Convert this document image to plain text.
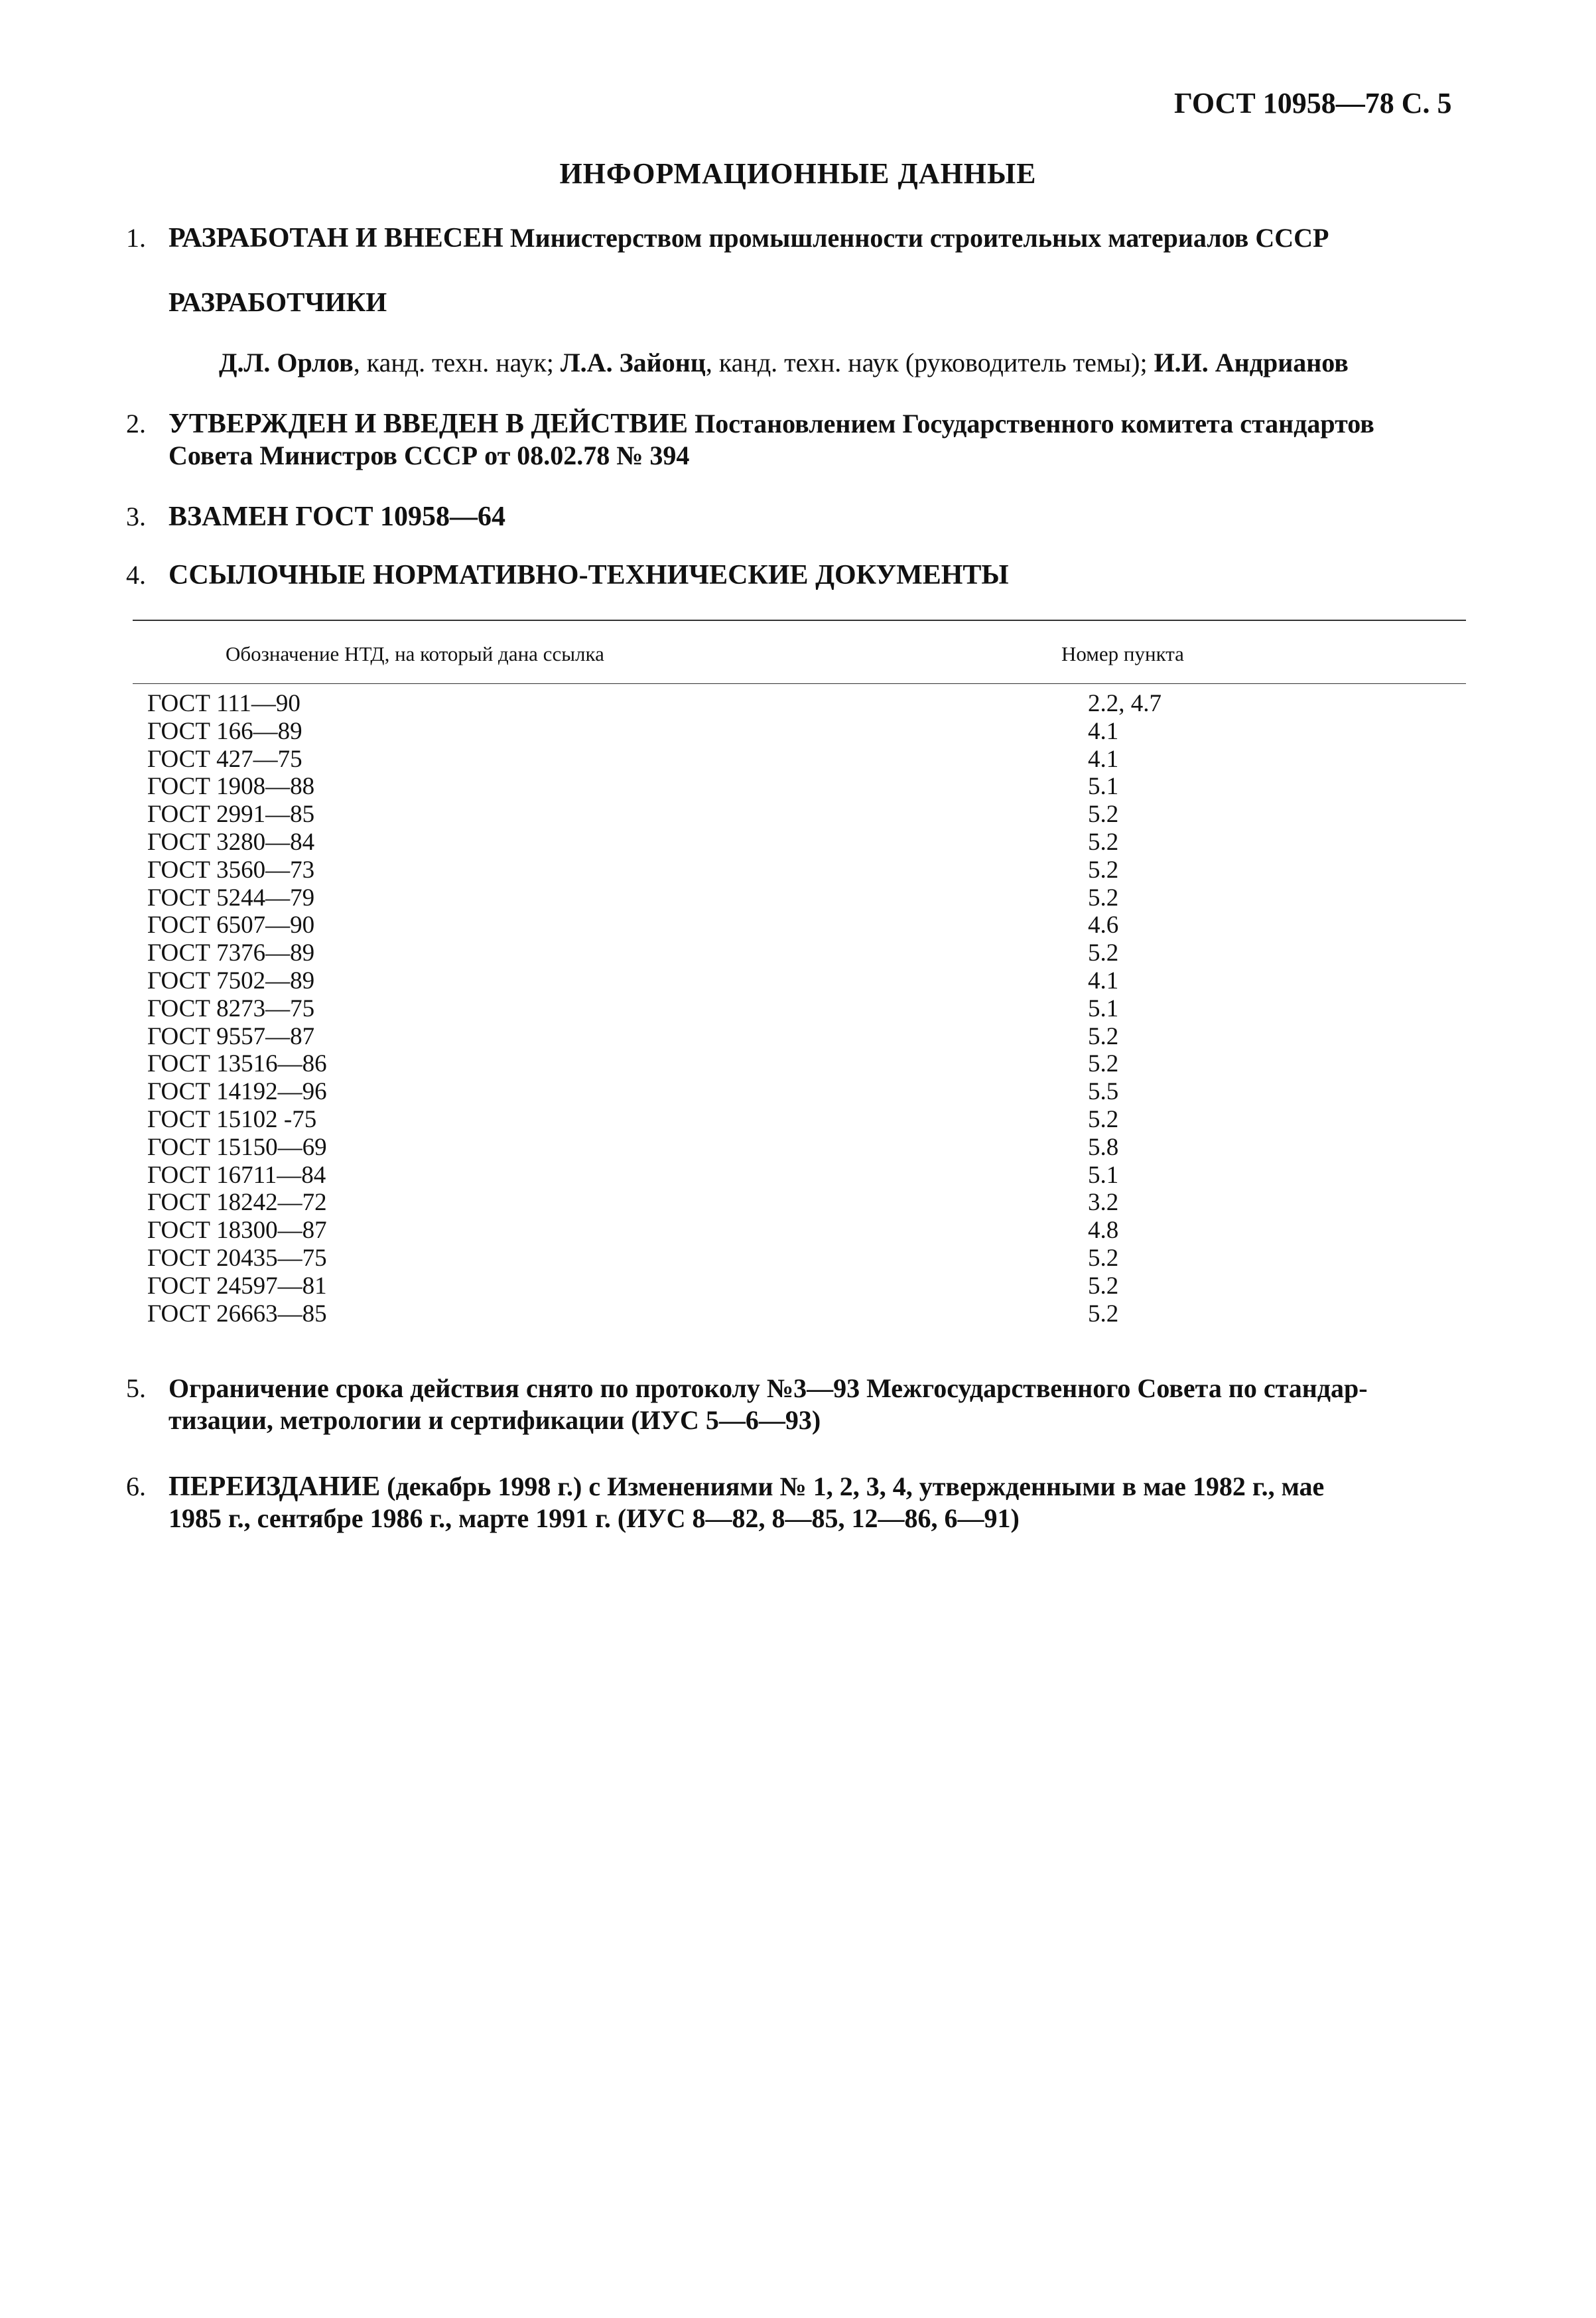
ГОСТ 10958—78 С. 5
ИНФОРМАЦИОННЫЕ ДАННЫЕ
1. РАЗРАБОТАН И ВНЕСЕН Министерством промышленности строительных материалов СССР
РАЗРАБОТЧИКИ
Д.Л. Орлов, канд. техн. наук; Л.А. Зайонц, канд. техн. наук (руководитель темы); И.И. Андрианов
2. УТВЕРЖДЕН И ВВЕДЕН В ДЕЙСТВИЕ Постановлением Государственного комитета стандартов
Совета Министров СССР от 08.02.78 № 394
3. ВЗАМЕН ГОСТ 10958—64
4. ССЫЛОЧНЫЕ НОРМАТИВНО-ТЕХНИЧЕСКИЕ ДОКУМЕНТЫ
Обозначение НТД, на который дана ссылка	Номер пункта
ГОСТ 111—90
ГОСТ 166—89
ГОСТ 427—75
ГОСТ 1908—88
ГОСТ 2991—85
ГОСТ 3280—84
ГОСТ 3560—73
ГОСТ 5244—79
ГОСТ 6507—90
ГОСТ 7376—89
ГОСТ 7502—89
ГОСТ 8273—75
ГОСТ 9557—87
ГОСТ 13516—86
ГОСТ 14192—96
ГОСТ 15102 -75
ГОСТ 15150—69
ГОСТ 16711—84
ГОСТ 18242—72
ГОСТ 18300—87
ГОСТ 20435—75
ГОСТ 24597—81
ГОСТ 26663—85
2.2, 4.7
4.1
4.1
5.1
5.2
5.2
5.2
5.2
4.6
5.2
4.1
5.1
5.2
5.2
5.5
5.2
5.8
5.1
3.2
4.8
5.2
5.2
5.2
5. Ограничение срока действия снято по протоколу №3—93 Межгосударственного Совета по стандар-
тизации, метрологии и сертификации (ИУС 5—6—93)
6. ПЕРЕИЗДАНИЕ (декабрь 1998 г.) с Изменениями № 1, 2, 3, 4, утвержденными в мае 1982 г., мае
1985 г., сентябре 1986 г., марте 1991 г. (ИУС 8—82, 8—85, 12—86, 6—91)
